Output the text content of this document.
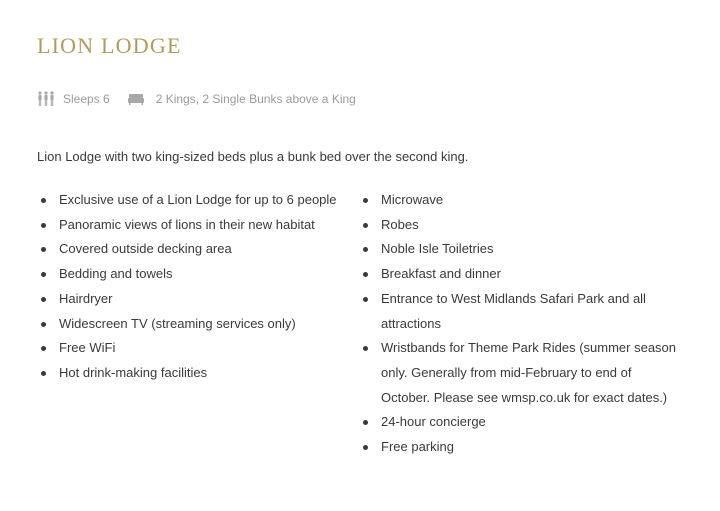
LION LODGE
Sleeps 6	2 Kings, 2 Single Bunks above a King

Lion Lodge with two king-sized beds plus a bunk bed over the second king.

Exclusive use of a Lion Lodge for up to 6 people
Panoramic views of lions in their new habitat
Covered outside decking area
Bedding and towels
Hairdryer
Widescreen TV (streaming services only)
Free WiFi
Hot drink-making facilities
Microwave
Robes
Noble Isle Toiletries
Breakfast and dinner
Entrance to West Midlands Safari Park and all attractions
Wristbands for Theme Park Rides (summer season only. Generally from mid-February to end of October. Please see wmsp.co.uk for exact dates.)
24-hour concierge
Free parking
